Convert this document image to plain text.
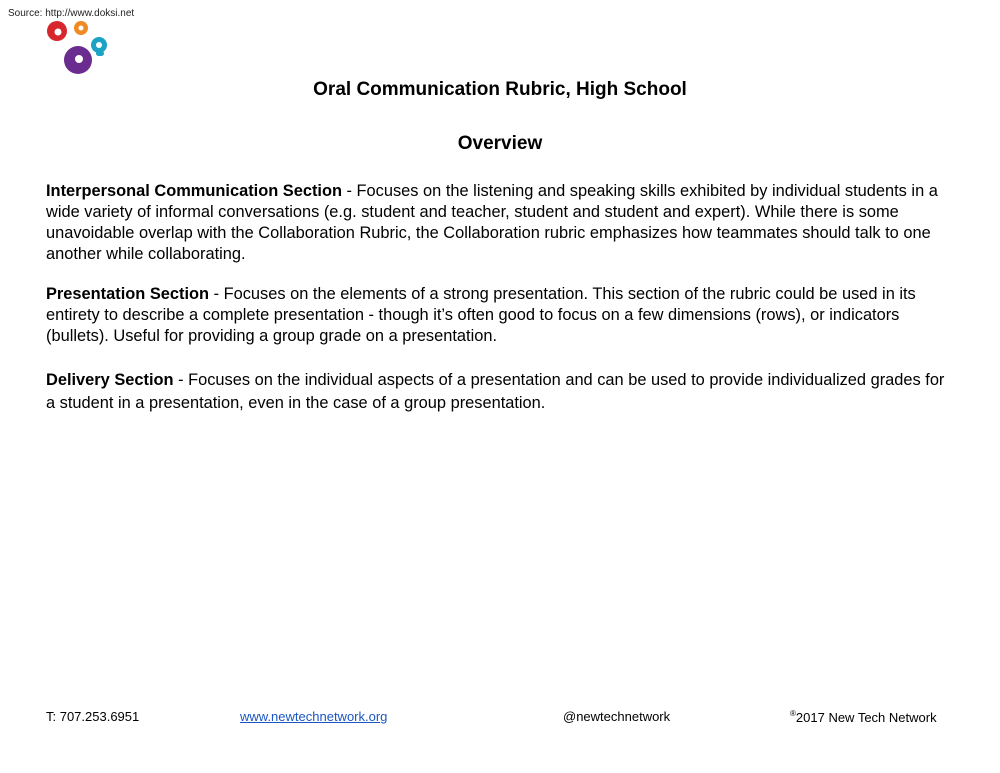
Source: http://www.doksi.net
Oral Communication Rubric, High School
Overview
Interpersonal Communication Section - Focuses on the listening and speaking skills exhibited by individual students in a wide variety of informal conversations (e.g. student and teacher, student and student and expert). While there is some unavoidable overlap with the Collaboration Rubric, the Collaboration rubric emphasizes how teammates should talk to one another while collaborating.
Presentation Section - Focuses on the elements of a strong presentation. This section of the rubric could be used in its entirety to describe a complete presentation - though it’s often good to focus on a few dimensions (rows), or indicators (bullets). Useful for providing a group grade on a presentation.
Delivery Section - Focuses on the individual aspects of a presentation and can be used to provide individualized grades for a student in a presentation, even in the case of a group presentation.
T: 707.253.6951	www.newtechnetwork.org	@newtechnetwork	®2017 New Tech Network
